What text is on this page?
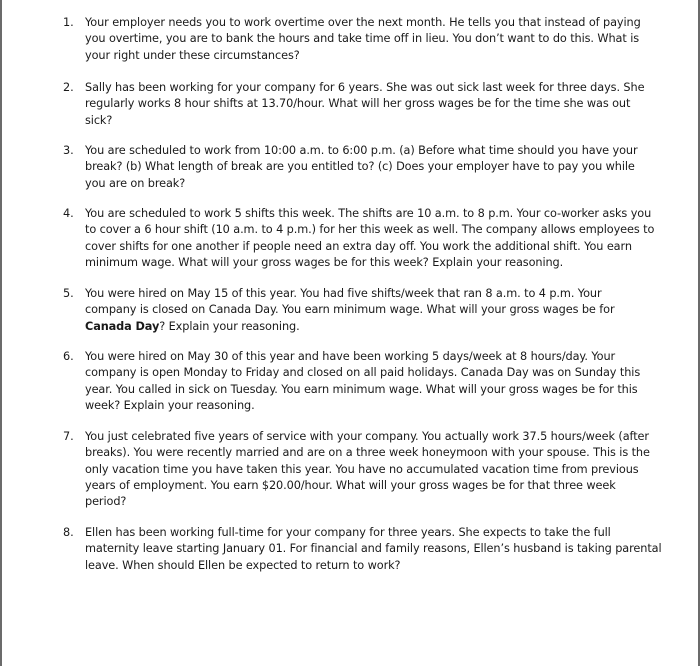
1.	Your employer needs you to work overtime over the next month. He tells you that instead of paying
you overtime, you are to bank the hours and take time off in lieu. You don’t want to do this. What is
your right under these circumstances?
2.	Sally has been working for your company for 6 years. She was out sick last week for three days. She
regularly works 8 hour shifts at 13.70/hour. What will her gross wages be for the time she was out
sick?
3.	You are scheduled to work from 10:00 a.m. to 6:00 p.m. (a) Before what time should you have your
break? (b) What length of break are you entitled to? (c) Does your employer have to pay you while
you are on break?
4.	You are scheduled to work 5 shifts this week. The shifts are 10 a.m. to 8 p.m. Your co-worker asks you
to cover a 6 hour shift (10 a.m. to 4 p.m.) for her this week as well. The company allows employees to
cover shifts for one another if people need an extra day off. You work the additional shift. You earn
minimum wage. What will your gross wages be for this week? Explain your reasoning.
5.	You were hired on May 15 of this year. You had five shifts/week that ran 8 a.m. to 4 p.m. Your
company is closed on Canada Day. You earn minimum wage. What will your gross wages be for
Canada Day? Explain your reasoning.
6.	You were hired on May 30 of this year and have been working 5 days/week at 8 hours/day. Your
company is open Monday to Friday and closed on all paid holidays. Canada Day was on Sunday this
year. You called in sick on Tuesday. You earn minimum wage. What will your gross wages be for this
week? Explain your reasoning.
7.	You just celebrated five years of service with your company. You actually work 37.5 hours/week (after
breaks). You were recently married and are on a three week honeymoon with your spouse. This is the
only vacation time you have taken this year. You have no accumulated vacation time from previous
years of employment. You earn $20.00/hour. What will your gross wages be for that three week
period?
8.	Ellen has been working full-time for your company for three years. She expects to take the full
maternity leave starting January 01. For financial and family reasons, Ellen’s husband is taking parental
leave. When should Ellen be expected to return to work?
